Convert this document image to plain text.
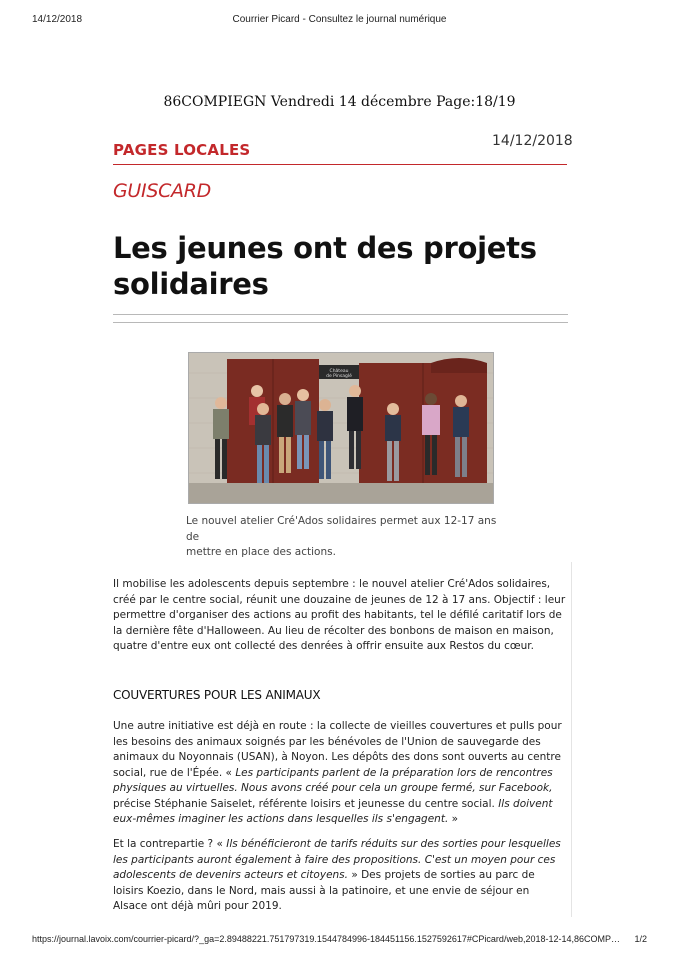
14/12/2018	Courrier Picard - Consultez le journal numérique
86COMPIEGN Vendredi 14 décembre Page:18/19
PAGES LOCALES	14/12/2018
GUISCARD
Les jeunes ont des projets
solidaires
Château
de Pinsaglé
Le nouvel atelier Cré'Ados solidaires permet aux 12-17 ans de
mettre en place des actions.

Il mobilise les adolescents depuis septembre : le nouvel atelier Cré'Ados solidaires,
créé par le centre social, réunit une douzaine de jeunes de 12 à 17 ans. Objectif : leur
permettre d'organiser des actions au profit des habitants, tel le défilé caritatif lors de
la dernière fête d'Halloween. Au lieu de récolter des bonbons de maison en maison,
quatre d'entre eux ont collecté des denrées à offrir ensuite aux Restos du cœur.

COUVERTURES POUR LES ANIMAUX

Une autre initiative est déjà en route : la collecte de vieilles couvertures et pulls pour
les besoins des animaux soignés par les bénévoles de l'Union de sauvegarde des
animaux du Noyonnais (USAN), à Noyon. Les dépôts des dons sont ouverts au centre
social, rue de l'Épée. « Les participants parlent de la préparation lors de rencontres
physiques au virtuelles. Nous avons créé pour cela un groupe fermé, sur Facebook,
précise Stéphanie Saiselet, référente loisirs et jeunesse du centre social. Ils doivent
eux-mêmes imaginer les actions dans lesquelles ils s'engagent. »

Et la contrepartie ? « Ils bénéficieront de tarifs réduits sur des sorties pour lesquelles
les participants auront également à faire des propositions. C'est un moyen pour ces
adolescents de devenirs acteurs et citoyens. » Des projets de sorties au parc de
loisirs Koezio, dans le Nord, mais aussi à la patinoire, et une envie de séjour en
Alsace ont déjà mûri pour 2019.

https://journal.lavoix.com/courrier-picard/?_ga=2.89488221.751797319.1544784996-184451156.1527592617#CPicard/web,2018-12-14,86COMP… 1/2
